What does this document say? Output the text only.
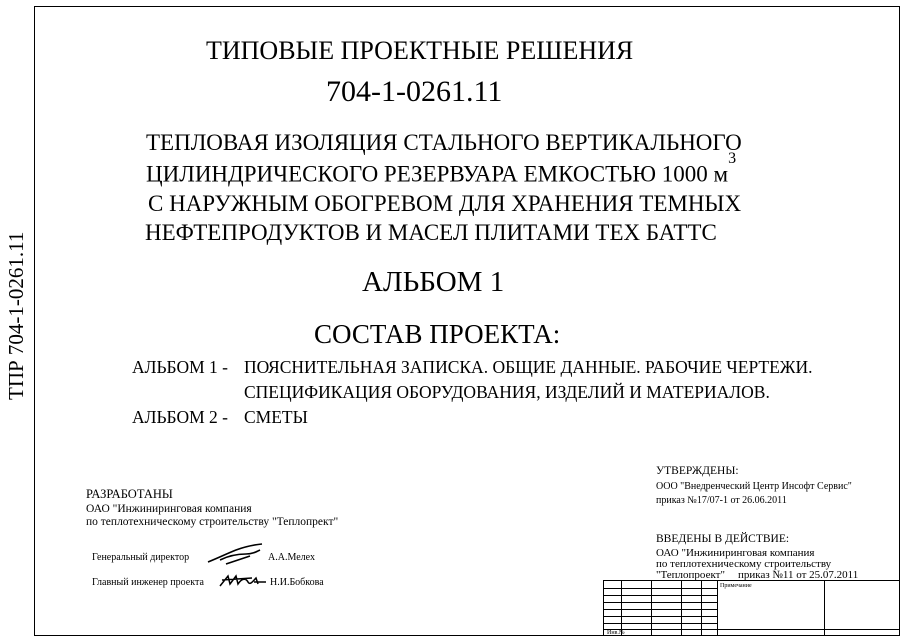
ТПР 704-1-0261.11
ТИПОВЫЕ ПРОЕКТНЫЕ РЕШЕНИЯ
704-1-0261.11
ТЕПЛОВАЯ ИЗОЛЯЦИЯ СТАЛЬНОГО ВЕРТИКАЛЬНОГО
ЦИЛИНДРИЧЕСКОГО РЕЗЕРВУАРА ЕМКОСТЬЮ 1000 $м^3$
С НАРУЖНЫМ ОБОГРЕВОМ ДЛЯ ХРАНЕНИЯ ТЕМНЫХ
НЕФТЕПРОДУКТОВ И МАСЕЛ ПЛИТАМИ ТЕХ БАТТС
АЛЬБОМ 1
СОСТАВ ПРОЕКТА:
АЛЬБОМ 1 - ПОЯСНИТЕЛЬНАЯ ЗАПИСКА. ОБЩИЕ ДАННЫЕ. РАБОЧИЕ ЧЕРТЕЖИ.
СПЕЦИФИКАЦИЯ ОБОРУДОВАНИЯ, ИЗДЕЛИЙ И МАТЕРИАЛОВ.
АЛЬБОМ 2 - СМЕТЫ
РАЗРАБОТАНЫ
ОАО "Инжиниринговая компания
по теплотехническому строительству "Теплопрект"
Генеральный директор	А.А.Мелех
Главный инженер проекта	Н.И.Бобкова
УТВЕРЖДЕНЫ:
ООО "Внедренческий Центр Инсофт Сервис"
приказ №17/07-1 от 26.06.2011
ВВЕДЕНЫ В ДЕЙСТВИЕ:
ОАО "Инжиниринговая компания
по теплотехническому строительству
"Теплопроект" приказ №11 от 25.07.2011
Примечание
Инв.№
